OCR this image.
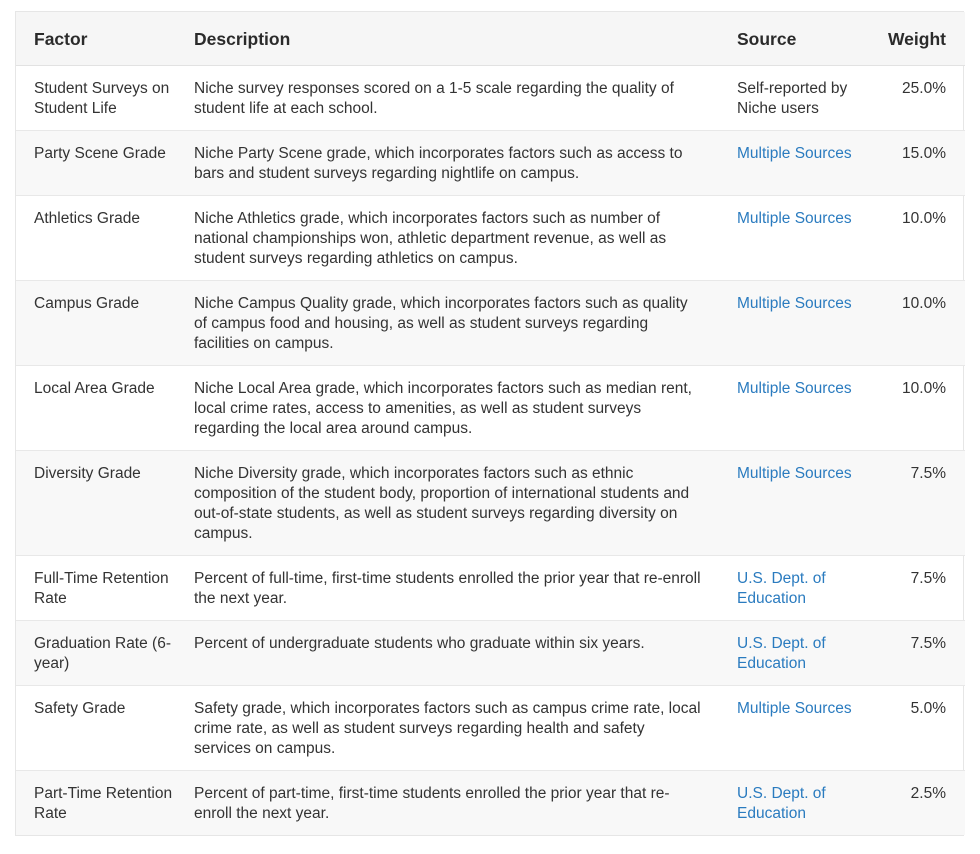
Factor	Description	Source	Weight
Student Surveys on Student Life	Niche survey responses scored on a 1-5 scale regarding the quality of student life at each school.	Self-reported by Niche users	25.0%
Party Scene Grade	Niche Party Scene grade, which incorporates factors such as access to bars and student surveys regarding nightlife on campus.	Multiple Sources	15.0%
Athletics Grade	Niche Athletics grade, which incorporates factors such as number of national championships won, athletic department revenue, as well as student surveys regarding athletics on campus.	Multiple Sources	10.0%
Campus Grade	Niche Campus Quality grade, which incorporates factors such as quality of campus food and housing, as well as student surveys regarding facilities on campus.	Multiple Sources	10.0%
Local Area Grade	Niche Local Area grade, which incorporates factors such as median rent, local crime rates, access to amenities, as well as student surveys regarding the local area around campus.	Multiple Sources	10.0%
Diversity Grade	Niche Diversity grade, which incorporates factors such as ethnic composition of the student body, proportion of international students and out-of-state students, as well as student surveys regarding diversity on campus.	Multiple Sources	7.5%
Full-Time Retention Rate	Percent of full-time, first-time students enrolled the prior year that re-enroll the next year.	U.S. Dept. of Education	7.5%
Graduation Rate (6-year)	Percent of undergraduate students who graduate within six years.	U.S. Dept. of Education	7.5%
Safety Grade	Safety grade, which incorporates factors such as campus crime rate, local crime rate, as well as student surveys regarding health and safety services on campus.	Multiple Sources	5.0%
Part-Time Retention Rate	Percent of part-time, first-time students enrolled the prior year that re-enroll the next year.	U.S. Dept. of Education	2.5%
